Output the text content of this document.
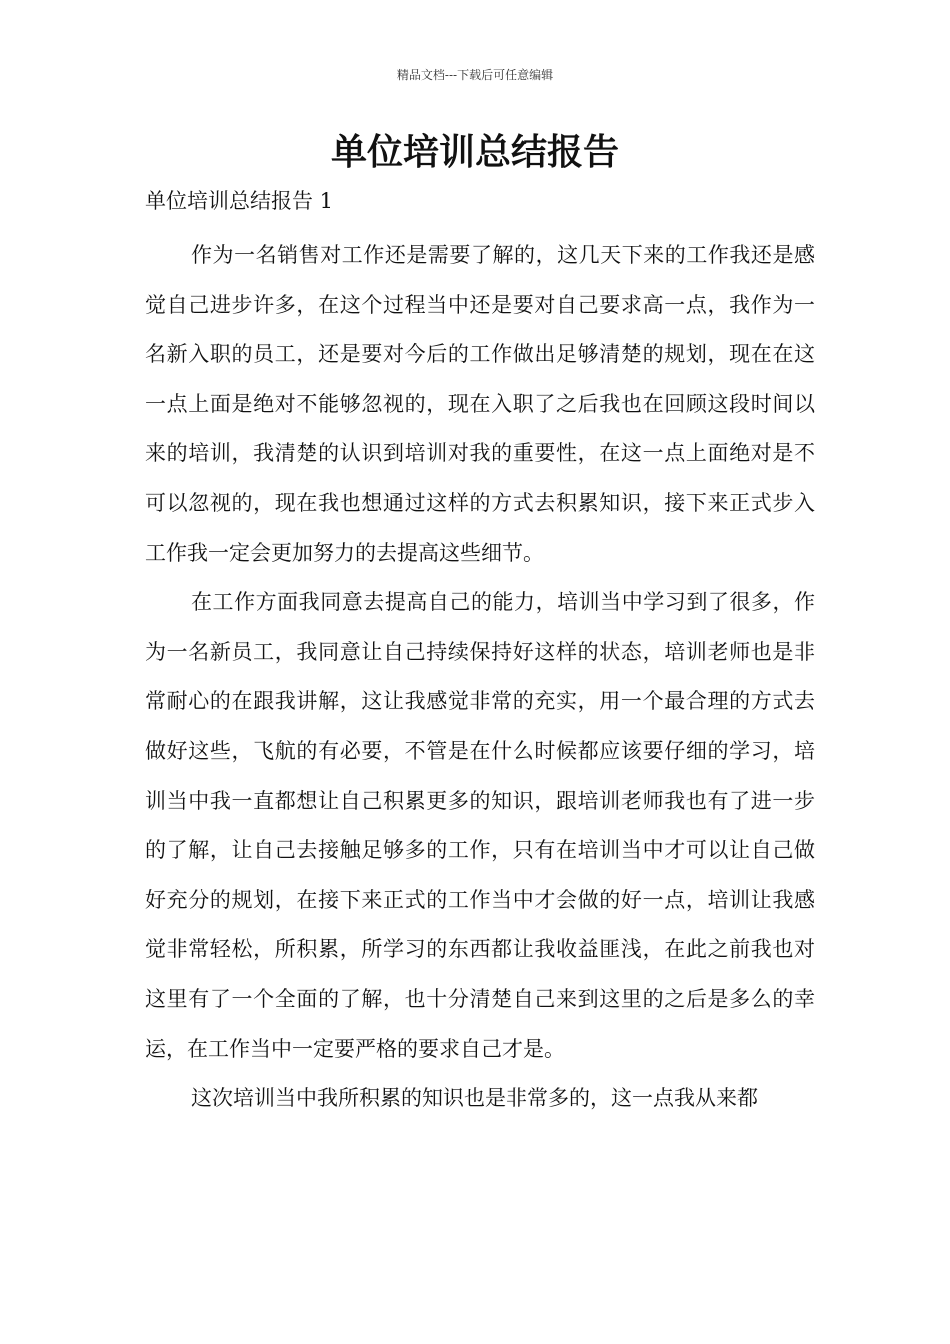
精品文档---下载后可任意编辑
单位培训总结报告

单位培训总结报告 1

作为一名销售对工作还是需要了解的，这几天下来的工作我还是感觉自己进步许多，在这个过程当中还是要对自己要求高一点，我作为一名新入职的员工，还是要对今后的工作做出足够清楚的规划，现在在这一点上面是绝对不能够忽视的，现在入职了之后我也在回顾这段时间以来的培训，我清楚的认识到培训对我的重要性，在这一点上面绝对是不可以忽视的，现在我也想通过这样的方式去积累知识，接下来正式步入工作我一定会更加努力的去提高这些细节。

在工作方面我同意去提高自己的能力，培训当中学习到了很多，作为一名新员工，我同意让自己持续保持好这样的状态，培训老师也是非常耐心的在跟我讲解，这让我感觉非常的充实，用一个最合理的方式去做好这些，飞航的有必要，不管是在什么时候都应该要仔细的学习，培训当中我一直都想让自己积累更多的知识，跟培训老师我也有了进一步的了解，让自己去接触足够多的工作，只有在培训当中才可以让自己做好充分的规划，在接下来正式的工作当中才会做的好一点，培训让我感觉非常轻松，所积累，所学习的东西都让我收益匪浅，在此之前我也对这里有了一个全面的了解，也十分清楚自己来到这里的之后是多么的幸运，在工作当中一定要严格的要求自己才是。

这次培训当中我所积累的知识也是非常多的，这一点我从来都
